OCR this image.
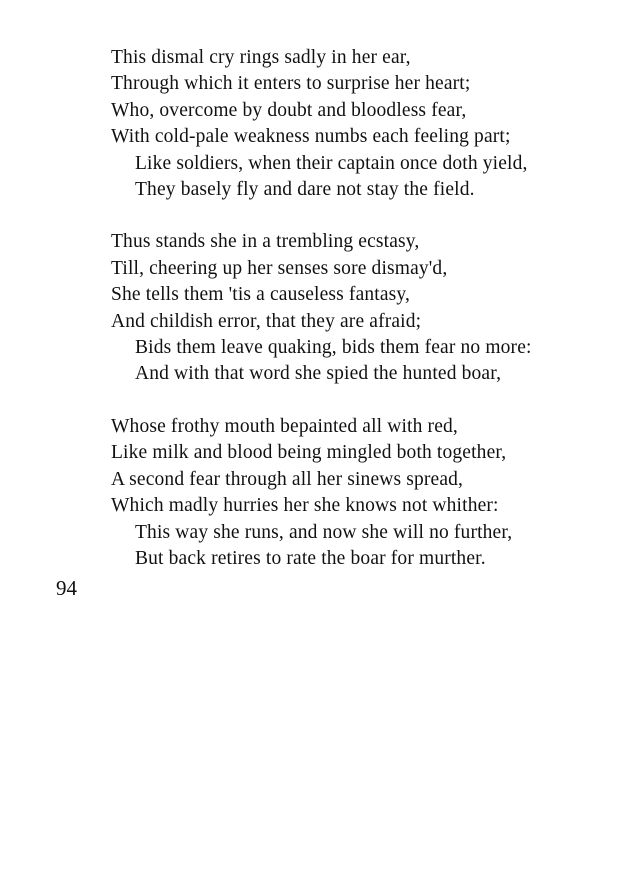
This dismal cry rings sadly in her ear,
Through which it enters to surprise her heart;
Who, overcome by doubt and bloodless fear,
With cold-pale weakness numbs each feeling part;
Like soldiers, when their captain once doth yield,
They basely fly and dare not stay the field.
Thus stands she in a trembling ecstasy,
Till, cheering up her senses sore dismay'd,
She tells them 'tis a causeless fantasy,
And childish error, that they are afraid;
Bids them leave quaking, bids them fear no more:
And with that word she spied the hunted boar,
Whose frothy mouth bepainted all with red,
Like milk and blood being mingled both together,
A second fear through all her sinews spread,
Which madly hurries her she knows not whither:
This way she runs, and now she will no further,
But back retires to rate the boar for murther.
94
